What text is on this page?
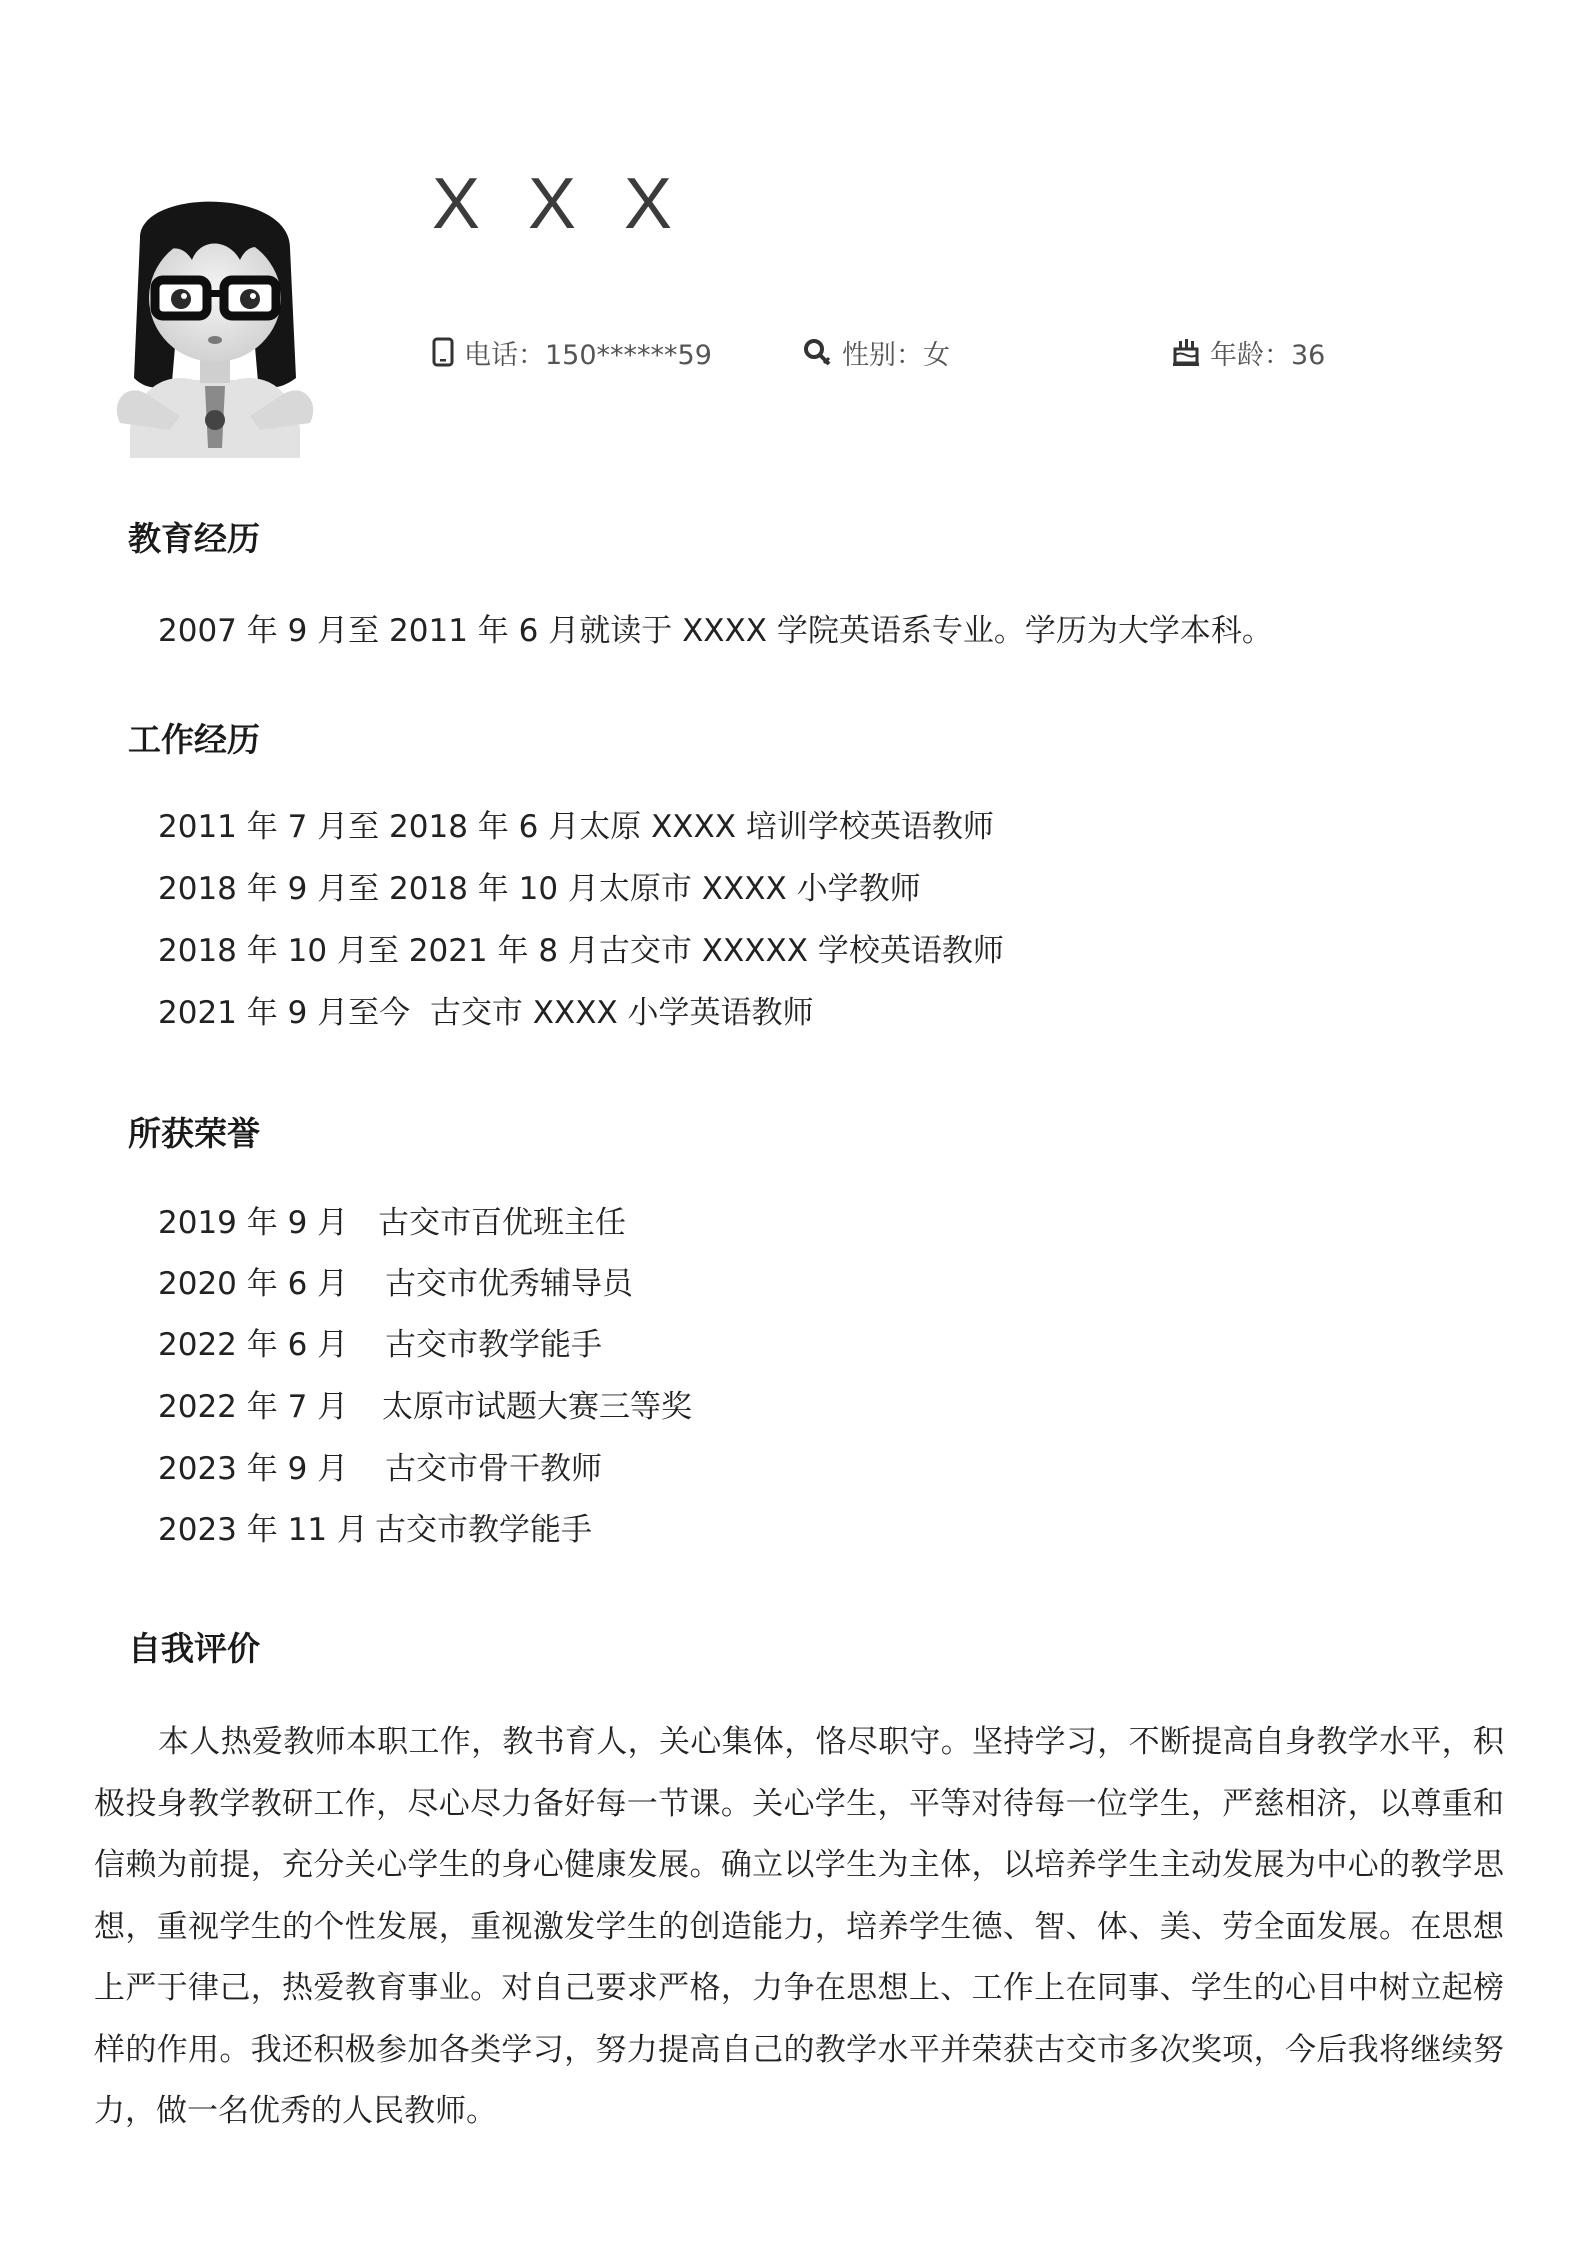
X X X
电话：150******59	性别：女	年龄：36
教育经历
2007 年 9 月至 2011 年 6 月就读于 XXXX 学院英语系专业。学历为大学本科。
工作经历
2011 年 7 月至 2018 年 6 月太原 XXXX 培训学校英语教师
2018 年 9 月至 2018 年 10 月太原市 XXXX 小学教师
2018 年 10 月至 2021 年 8 月古交市 XXXXX 学校英语教师
2021 年 9 月至今  古交市 XXXX 小学英语教师
所获荣誉
2019 年 9 月 古交市百优班主任
2020 年 6 月 古交市优秀辅导员
2022 年 6 月 古交市教学能手
2022 年 7 月 太原市试题大赛三等奖
2023 年 9 月 古交市骨干教师
2023 年 11 月 古交市教学能手
自我评价

本人热爱教师本职工作，教书育人，关心集体，恪尽职守。坚持学习，不断提高自身教学水平，积极投身教学教研工作，尽心尽力备好每一节课。关心学生，平等对待每一位学生，严慈相济，以尊重和信赖为前提，充分关心学生的身心健康发展。确立以学生为主体，以培养学生主动发展为中心的教学思想，重视学生的个性发展，重视激发学生的创造能力，培养学生德、智、体、美、劳全面发展。在思想上严于律己，热爱教育事业。对自己要求严格，力争在思想上、工作上在同事、学生的心目中树立起榜样的作用。我还积极参加各类学习，努力提高自己的教学水平并荣获古交市多次奖项，今后我将继续努力，做一名优秀的人民教师。
